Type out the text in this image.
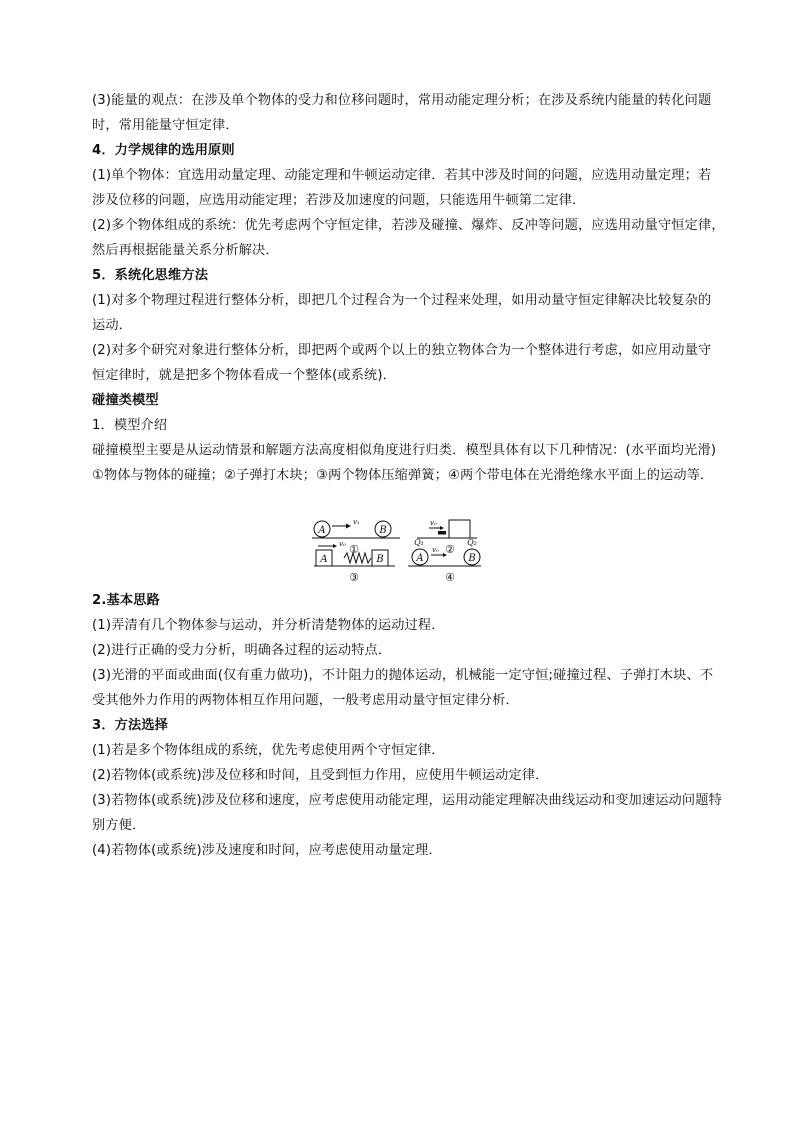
(3)能量的观点：在涉及单个物体的受力和位移问题时，常用动能定理分析；在涉及系统内能量的转化问题
时，常用能量守恒定律．
4．力学规律的选用原则
(1)单个物体：宜选用动量定理、动能定理和牛顿运动定律．若其中涉及时间的问题，应选用动量定理；若
涉及位移的问题，应选用动能定理；若涉及加速度的问题，只能选用牛顿第二定律．
(2)多个物体组成的系统：优先考虑两个守恒定律，若涉及碰撞、爆炸、反冲等问题，应选用动量守恒定律，
然后再根据能量关系分析解决．
5．系统化思维方法
(1)对多个物理过程进行整体分析，即把几个过程合为一个过程来处理，如用动量守恒定律解决比较复杂的
运动．
(2)对多个研究对象进行整体分析，即把两个或两个以上的独立物体合为一个整体进行考虑，如应用动量守
恒定律时，就是把多个物体看成一个整体(或系统)．
碰撞类模型
1．模型介绍
碰撞模型主要是从运动情景和解题方法高度相似角度进行归类．模型具体有以下几种情况：(水平面均光滑)
①物体与物体的碰撞；②子弹打木块；③两个物体压缩弹簧；④两个带电体在光滑绝缘水平面上的运动等．
A
v₁
B
①
v₀
②
A
v₀
B
Q₁
A
v₀
Q₂
B
③	④
2.基本思路
(1)弄清有几个物体参与运动，并分析清楚物体的运动过程．
(2)进行正确的受力分析，明确各过程的运动特点．
(3)光滑的平面或曲面(仅有重力做功)，不计阻力的抛体运动，机械能一定守恒;碰撞过程、子弹打木块、不
受其他外力作用的两物体相互作用问题，一般考虑用动量守恒定律分析．
3．方法选择
(1)若是多个物体组成的系统，优先考虑使用两个守恒定律．
(2)若物体(或系统)涉及位移和时间，且受到恒力作用，应使用牛顿运动定律．
(3)若物体(或系统)涉及位移和速度，应考虑使用动能定理，运用动能定理解决曲线运动和变加速运动问题特
别方便．
(4)若物体(或系统)涉及速度和时间，应考虑使用动量定理．
